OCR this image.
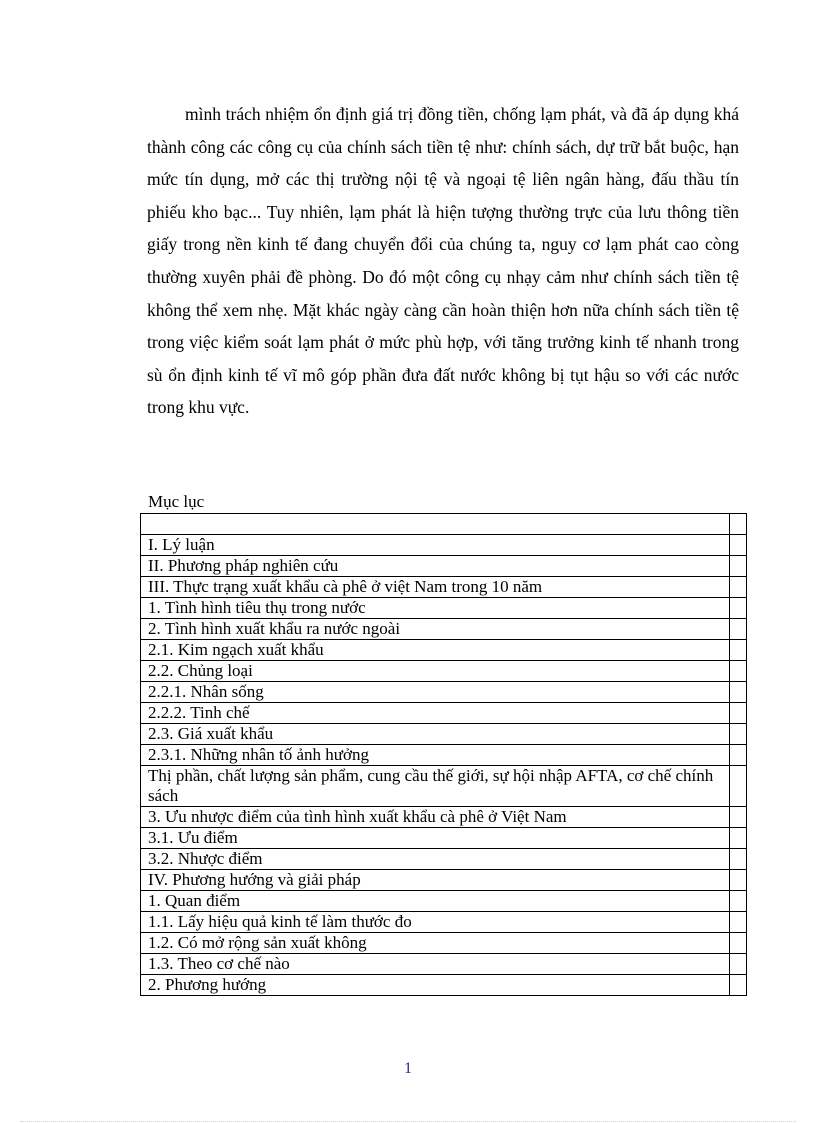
mình trách nhiệm ổn định giá trị đồng tiền, chống lạm phát, và đã áp dụng khá thành công các công cụ của chính sách tiền tệ như: chính sách, dự trữ bắt buộc, hạn mức tín dụng, mở các thị trường nội tệ và ngoại tệ liên ngân hàng, đấu thầu tín phiếu kho bạc... Tuy nhiên, lạm phát là hiện tượng thường trực của lưu thông tiền giấy trong nền kinh tế đang chuyển đổi của chúng ta, nguy cơ lạm phát cao còng thường xuyên phải đề phòng. Do đó một công cụ nhạy cảm như chính sách tiền tệ không thể xem nhẹ. Mặt khác ngày càng cần hoàn thiện hơn nữa chính sách tiền tệ trong việc kiểm soát lạm phát ở mức phù hợp, với tăng trưởng kinh tế nhanh trong sù ổn định kinh tế vĩ mô góp phần đưa đất nước không bị tụt hậu so với các nước trong khu vực.

Mục lục

I. Lý luận	
II. Phương pháp nghiên cứu	
III. Thực trạng xuất khẩu cà phê ở việt Nam trong 10 năm	
1. Tình hình tiêu thụ trong nước	
2. Tình hình xuất khẩu ra nước ngoài	
2.1. Kim ngạch xuất khẩu	
2.2. Chủng loại	
2.2.1. Nhân sống	
2.2.2. Tinh chế	
2.3. Giá xuất khẩu	
2.3.1. Những nhân tố ảnh hưởng	
Thị phần, chất lượng sản phẩm, cung cầu thế giới, sự hội nhập AFTA, cơ chế chính sách	
3. Ưu nhược điểm của tình hình xuất khẩu cà phê ở Việt Nam	
3.1. Ưu điểm	
3.2. Nhược điểm	
IV. Phương hướng và giải pháp	
1. Quan điểm	
1.1. Lấy hiệu quả kinh tế làm thước đo	
1.2. Có mở rộng sản xuất không	
1.3. Theo cơ chế nào	
2. Phương hướng	
1
